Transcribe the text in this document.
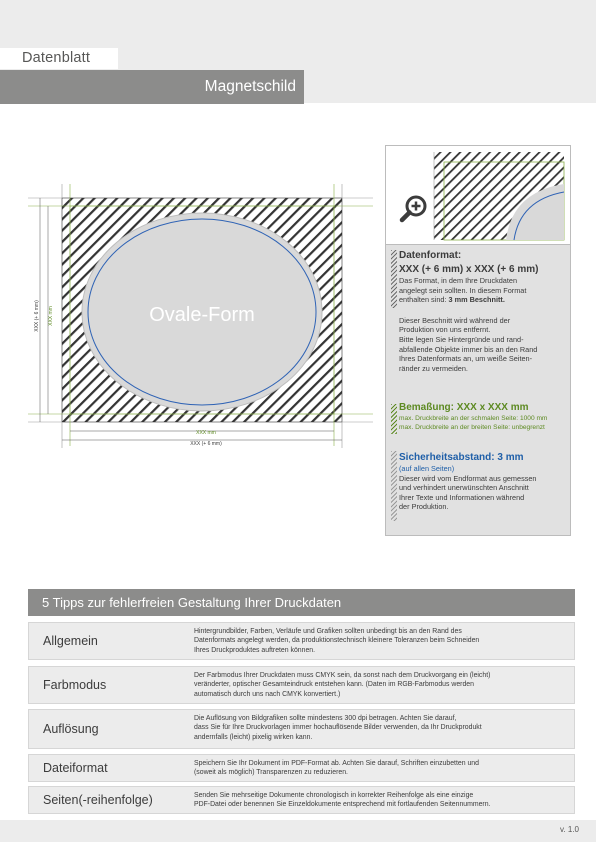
Datenblatt
Magnetschild
Ovale-Form
XXX mm
XXX (+ 6 mm)
XXX (+ 6 mm) XXX mm
Datenformat:
XXX (+ 6 mm) x XXX (+ 6 mm)
Das Format, in dem Ihre Druckdaten
angelegt sein sollten. In diesem Format
enthalten sind: 3 mm Beschnitt.
Dieser Beschnitt wird während der
Produktion von uns entfernt.
Bitte legen Sie Hintergründe und rand-
abfallende Objekte immer bis an den Rand
Ihres Datenformats an, um weiße Seiten-
ränder zu vermeiden.
Bemaßung: XXX x XXX mm
max. Druckbreite an der schmalen Seite: 1000 mm
max. Druckbreite an der breiten Seite: unbegrenzt
Sicherheitsabstand: 3 mm
(auf allen Seiten)
Dieser wird vom Endformat aus gemessen
und verhindert unerwünschten Anschnitt
Ihrer Texte und Informationen während
der Produktion.
5 Tipps zur fehlerfreien Gestaltung Ihrer Druckdaten
Allgemein
Hintergrundbilder, Farben, Verläufe und Grafiken sollten unbedingt bis an den Rand des
Datenformats angelegt werden, da produktionstechnisch kleinere Toleranzen beim Schneiden
Ihres Druckproduktes auftreten können.
Farbmodus
Der Farbmodus Ihrer Druckdaten muss CMYK sein, da sonst nach dem Druckvorgang ein (leicht)
veränderter, optischer Gesamteindruck entstehen kann. (Daten im RGB-Farbmodus werden
automatisch durch uns nach CMYK konvertiert.)
Auflösung
Die Auflösung von Bildgrafiken sollte mindestens 300 dpi betragen. Achten Sie darauf,
dass Sie für Ihre Druckvorlagen immer hochauflösende Bilder verwenden, da Ihr Druckprodukt
andernfalls (leicht) pixelig wirken kann.
Dateiformat	Speichern Sie Ihr Dokument im PDF-Format ab. Achten Sie darauf, Schriften einzubetten und
(soweit als möglich) Transparenzen zu reduzieren.
Seiten(-reihenfolge)	Senden Sie mehrseitige Dokumente chronologisch in korrekter Reihenfolge als eine einzige
PDF-Datei oder benennen Sie Einzeldokumente entsprechend mit fortlaufenden Seitennummern.
v. 1.0
